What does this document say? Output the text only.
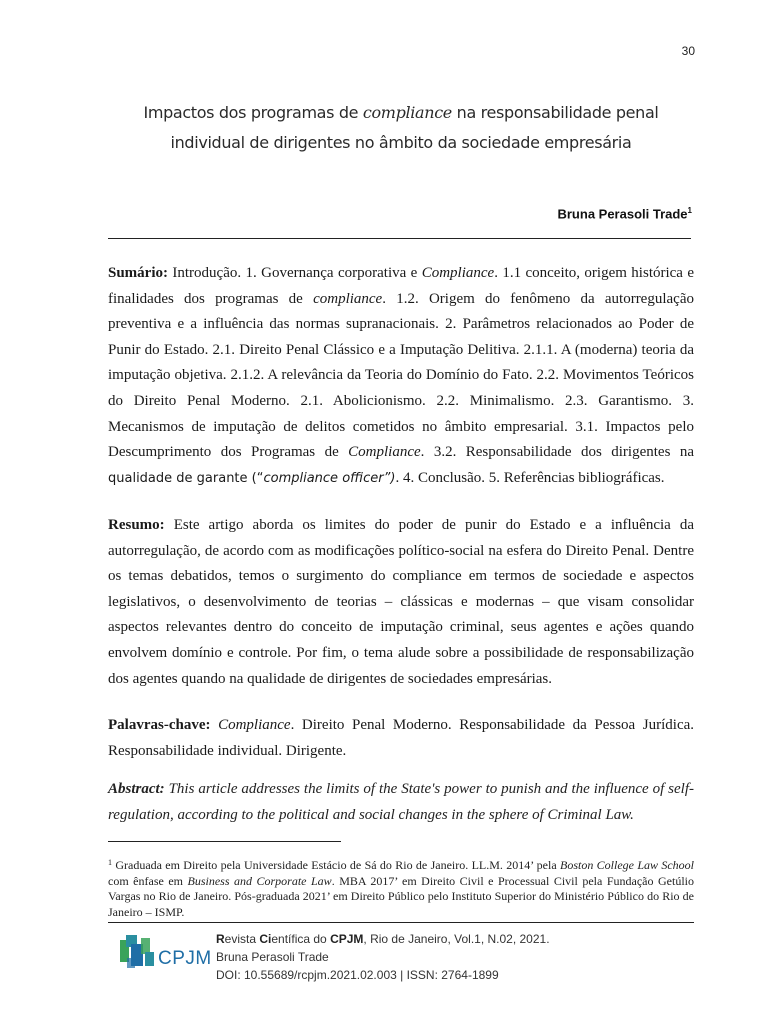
30
Impactos dos programas de compliance na responsabilidade penal individual de dirigentes no âmbito da sociedade empresária
Bruna Perasoli Trade$^1$
Sumário: Introdução. 1. Governança corporativa e Compliance. 1.1 conceito, origem histórica e finalidades dos programas de compliance. 1.2. Origem do fenômeno da autorregulação preventiva e a influência das normas supranacionais. 2. Parâmetros relacionados ao Poder de Punir do Estado. 2.1. Direito Penal Clássico e a Imputação Delitiva. 2.1.1. A (moderna) teoria da imputação objetiva. 2.1.2. A relevância da Teoria do Domínio do Fato. 2.2. Movimentos Teóricos do Direito Penal Moderno. 2.1. Abolicionismo. 2.2. Minimalismo. 2.3. Garantismo. 3. Mecanismos de imputação de delitos cometidos no âmbito empresarial. 3.1. Impactos pelo Descumprimento dos Programas de Compliance. 3.2. Responsabilidade dos dirigentes na qualidade de garante (“compliance officer”). 4. Conclusão. 5. Referências bibliográficas.
Resumo: Este artigo aborda os limites do poder de punir do Estado e a influência da autorregulação, de acordo com as modificações político-social na esfera do Direito Penal. Dentre os temas debatidos, temos o surgimento do compliance em termos de sociedade e aspectos legislativos, o desenvolvimento de teorias – clássicas e modernas – que visam consolidar aspectos relevantes dentro do conceito de imputação criminal, seus agentes e ações quando envolvem domínio e controle. Por fim, o tema alude sobre a possibilidade de responsabilização dos agentes quando na qualidade de dirigentes de sociedades empresárias.
Palavras-chave: Compliance. Direito Penal Moderno. Responsabilidade da Pessoa Jurídica. Responsabilidade individual. Dirigente.
Abstract: This article addresses the limits of the State's power to punish and the influence of self-regulation, according to the political and social changes in the sphere of Criminal Law.
$^1$ Graduada em Direito pela Universidade Estácio de Sá do Rio de Janeiro. LL.M. 2014’ pela Boston College Law School com ênfase em Business and Corporate Law. MBA 2017’ em Direito Civil e Processual Civil pela Fundação Getúlio Vargas no Rio de Janeiro. Pós-graduada 2021’ em Direito Público pelo Instituto Superior do Ministério Público do Rio de Janeiro – ISMP.
CPJM
Revista Científica do CPJM, Rio de Janeiro, Vol.1, N.02, 2021.
Bruna Perasoli Trade
DOI: 10.55689/rcpjm.2021.02.003 | ISSN: 2764-1899
